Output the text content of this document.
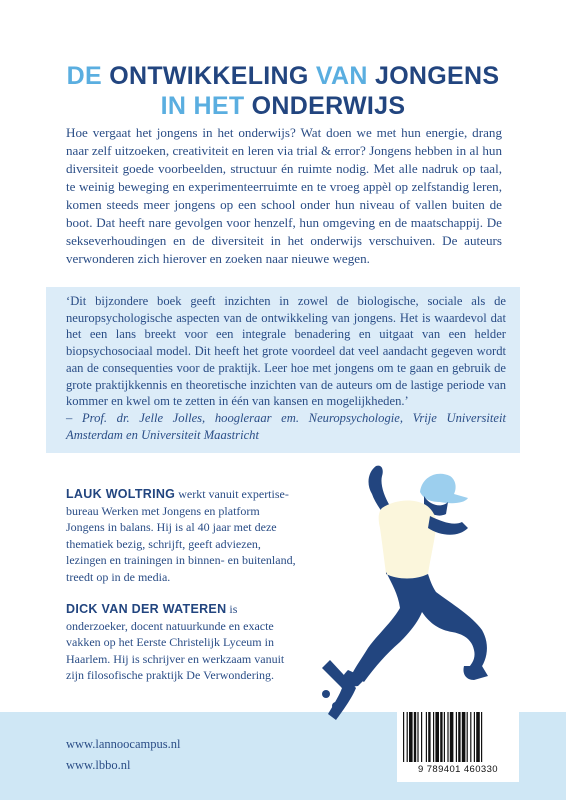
DE ONTWIKKELING VAN JONGENS
IN HET ONDERWIJS

Hoe vergaat het jongens in het onderwijs? Wat doen we met hun energie, drang naar zelf uitzoeken, creativiteit en leren via trial & error? Jongens hebben in al hun diversiteit goede voorbeelden, structuur én ruimte nodig. Met alle nadruk op taal, te weinig beweging en experimenteerruimte en te vroeg appèl op zelfstandig leren, komen steeds meer jongens op een school onder hun niveau of vallen buiten de boot. Dat heeft nare gevolgen voor henzelf, hun omgeving en de maatschappij. De sekseverhoudingen en de diversiteit in het onderwijs verschuiven. De auteurs verwonderen zich hierover en zoeken naar nieuwe wegen.

‘Dit bijzondere boek geeft inzichten in zowel de biologische, sociale als de neuropsychologische aspecten van de ontwikkeling van jongens. Het is waardevol dat het een lans breekt voor een integrale benadering en uitgaat van een helder biopsychosociaal model. Dit heeft het grote voordeel dat veel aandacht gegeven wordt aan de consequenties voor de praktijk. Leer hoe met jongens om te gaan en gebruik de grote praktijkkennis en theoretische inzichten van de auteurs om de lastige periode van kommer en kwel om te zetten in één van kansen en mogelijkheden.’
– Prof. dr. Jelle Jolles, hoogleraar em. Neuropsychologie, Vrije Universiteit Amsterdam en Universiteit Maastricht

LAUK WOLTRING werkt vanuit expertisebureau Werken met Jongens en platform Jongens in balans. Hij is al 40 jaar met deze thematiek bezig, schrijft, geeft adviezen, lezingen en trainingen in binnen- en buitenland, treedt op in de media.

DICK VAN DER WATEREN is onderzoeker, docent natuurkunde en exacte vakken op het Eerste Christelijk Lyceum in Haarlem. Hij is schrijver en werkzaam vanuit zijn filosofische praktijk De Verwondering.

www.lannoocampus.nl
www.lbbo.nl	9 789401 460330
